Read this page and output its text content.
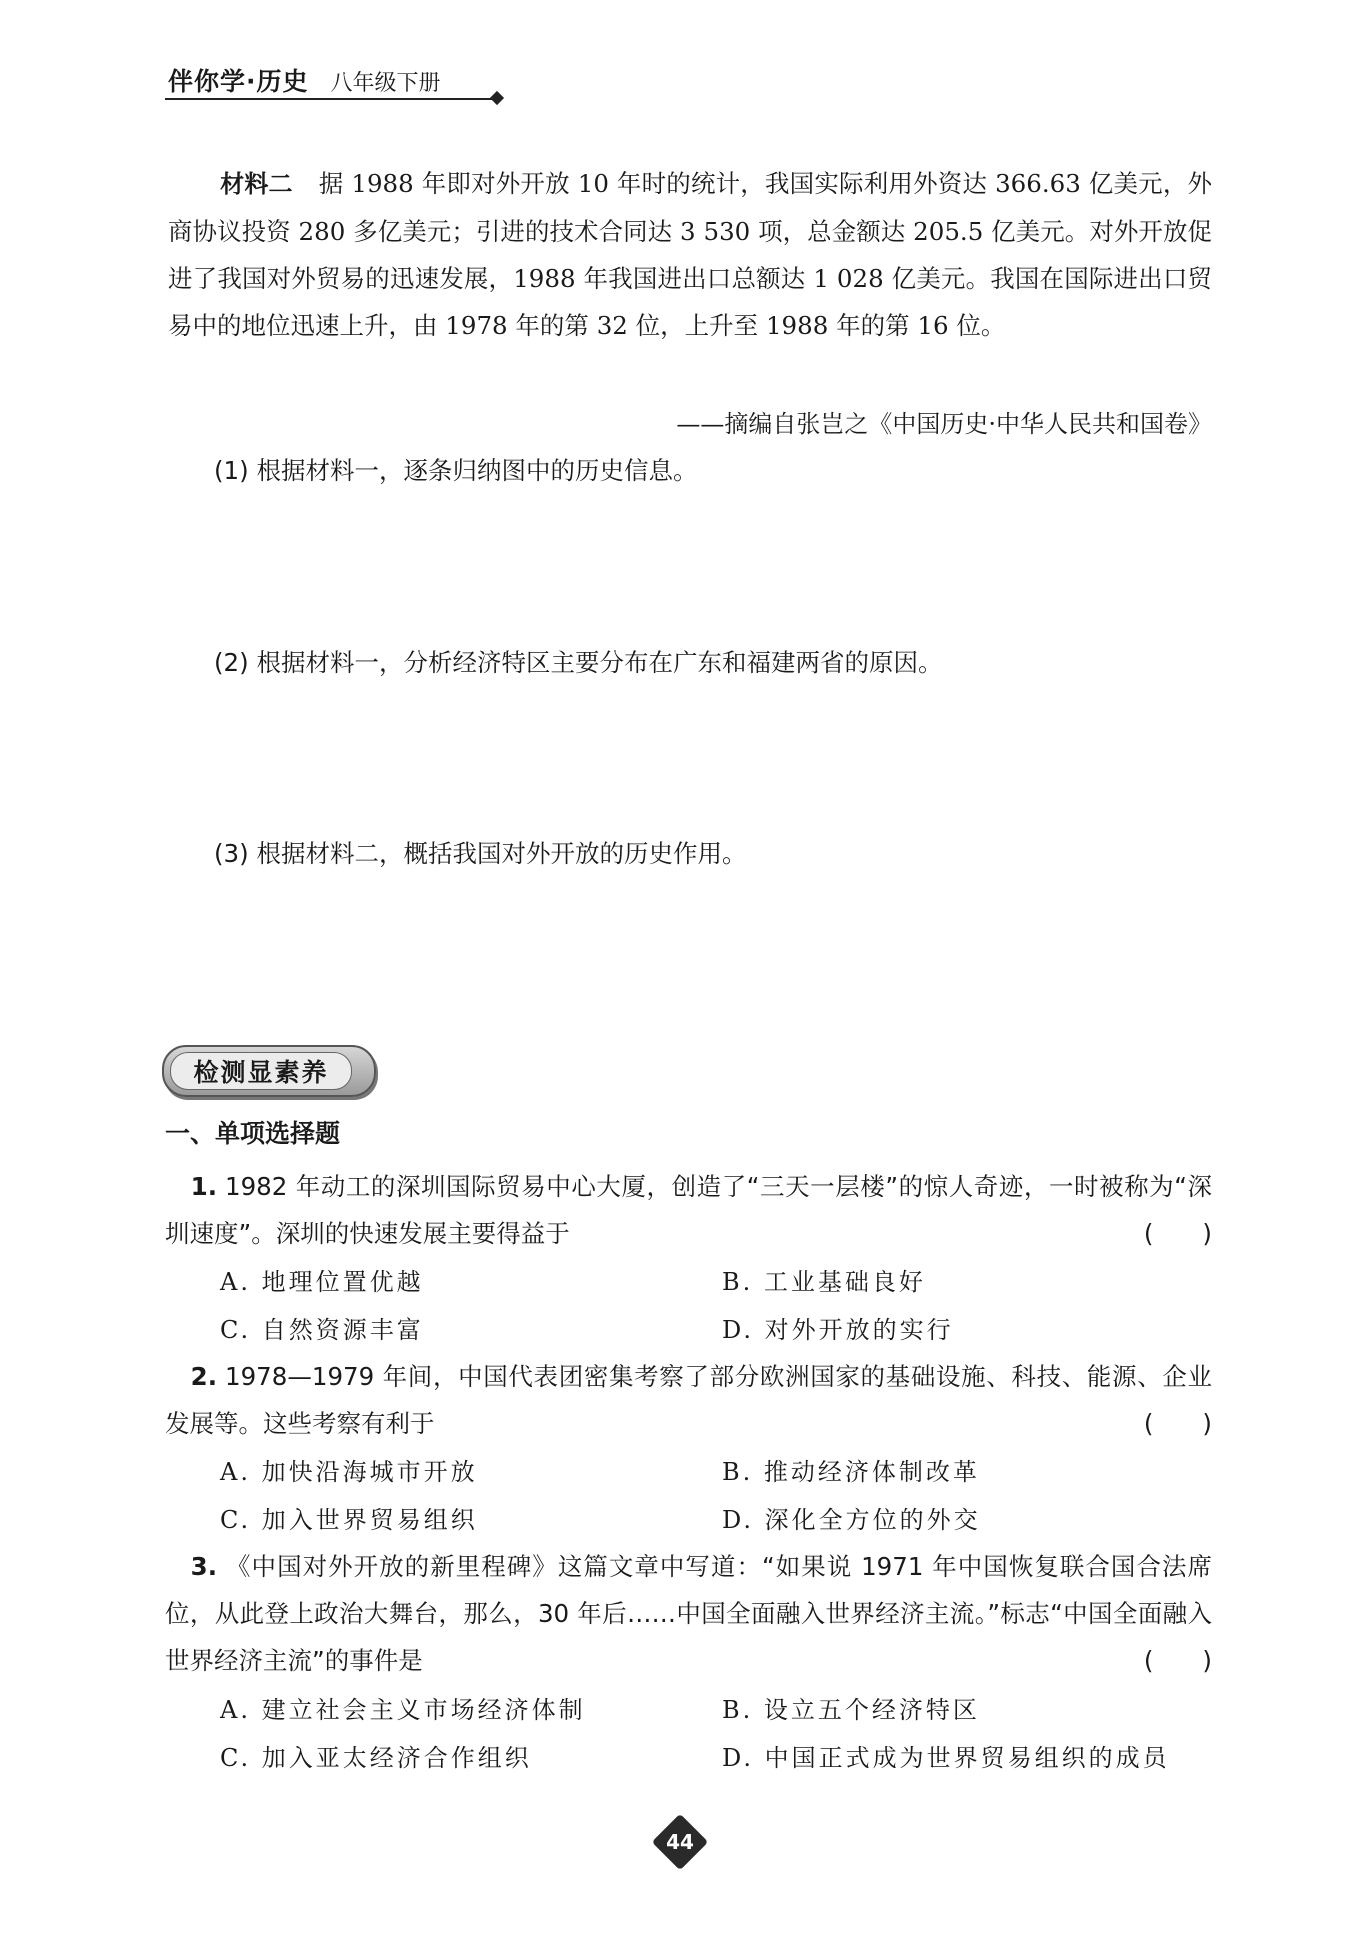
伴你学·历史 八年级下册
材料二 据 1988 年即对外开放 10 年时的统计，我国实际利用外资达 366.63 亿美元，外商协议投资 280 多亿美元；引进的技术合同达 3 530 项，总金额达 205.5 亿美元。对外开放促进了我国对外贸易的迅速发展，1988 年我国进出口总额达 1 028 亿美元。我国在国际进出口贸易中的地位迅速上升，由 1978 年的第 32 位，上升至 1988 年的第 16 位。
——摘编自张岂之《中国历史·中华人民共和国卷》
(1) 根据材料一，逐条归纳图中的历史信息。
(2) 根据材料一，分析经济特区主要分布在广东和福建两省的原因。
(3) 根据材料二，概括我国对外开放的历史作用。
检测显素养
一、单项选择题
1. 1982 年动工的深圳国际贸易中心大厦，创造了“三天一层楼”的惊人奇迹，一时被称为“深圳速度”。深圳的快速发展主要得益于	(　　)
A. 地理位置优越	B. 工业基础良好
C. 自然资源丰富	D. 对外开放的实行
2. 1978—1979 年间，中国代表团密集考察了部分欧洲国家的基础设施、科技、能源、企业发展等。这些考察有利于	(　　)
A. 加快沿海城市开放	B. 推动经济体制改革
C. 加入世界贸易组织	D. 深化全方位的外交
3. 《中国对外开放的新里程碑》这篇文章中写道：“如果说 1971 年中国恢复联合国合法席位，从此登上政治大舞台，那么，30 年后……中国全面融入世界经济主流。”标志“中国全面融入世界经济主流”的事件是	(　　)
A. 建立社会主义市场经济体制	B. 设立五个经济特区
C. 加入亚太经济合作组织	D. 中国正式成为世界贸易组织的成员
44
